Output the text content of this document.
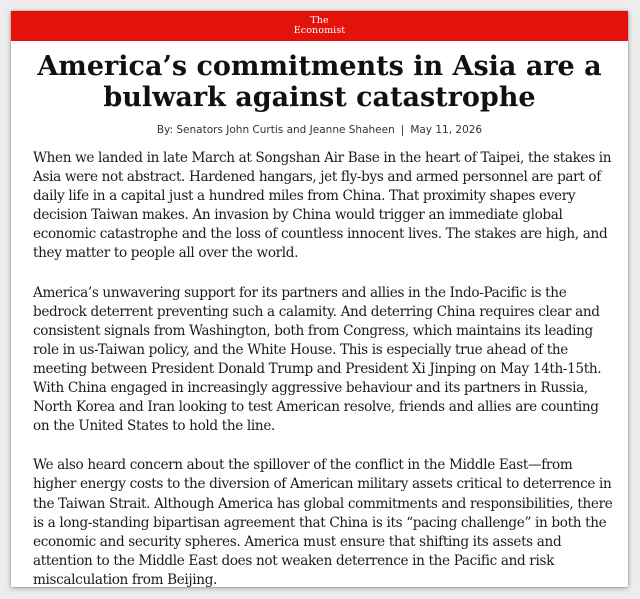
The
Economist
America’s commitments in Asia are a bulwark against catastrophe
By: Senators John Curtis and Jeanne Shaheen | May 11, 2026

When we landed in late March at Songshan Air Base in the heart of Taipei, the stakes in Asia were not abstract. Hardened hangars, jet fly-bys and armed personnel are part of daily life in a capital just a hundred miles from China. That proximity shapes every decision Taiwan makes. An invasion by China would trigger an immediate global economic catastrophe and the loss of countless innocent lives. The stakes are high, and they matter to people all over the world.

America’s unwavering support for its partners and allies in the Indo-Pacific is the bedrock deterrent preventing such a calamity. And deterring China requires clear and consistent signals from Washington, both from Congress, which maintains its leading role in us-Taiwan policy, and the White House. This is especially true ahead of the meeting between President Donald Trump and President Xi Jinping on May 14th-15th. With China engaged in increasingly aggressive behaviour and its partners in Russia, North Korea and Iran looking to test American resolve, friends and allies are counting on the United States to hold the line.

We also heard concern about the spillover of the conflict in the Middle East—from higher energy costs to the diversion of American military assets critical to deterrence in the Taiwan Strait. Although America has global commitments and responsibilities, there is a long-standing bipartisan agreement that China is its “pacing challenge” in both the economic and security spheres. America must ensure that shifting its assets and attention to the Middle East does not weaken deterrence in the Pacific and risk miscalculation from Beijing.
